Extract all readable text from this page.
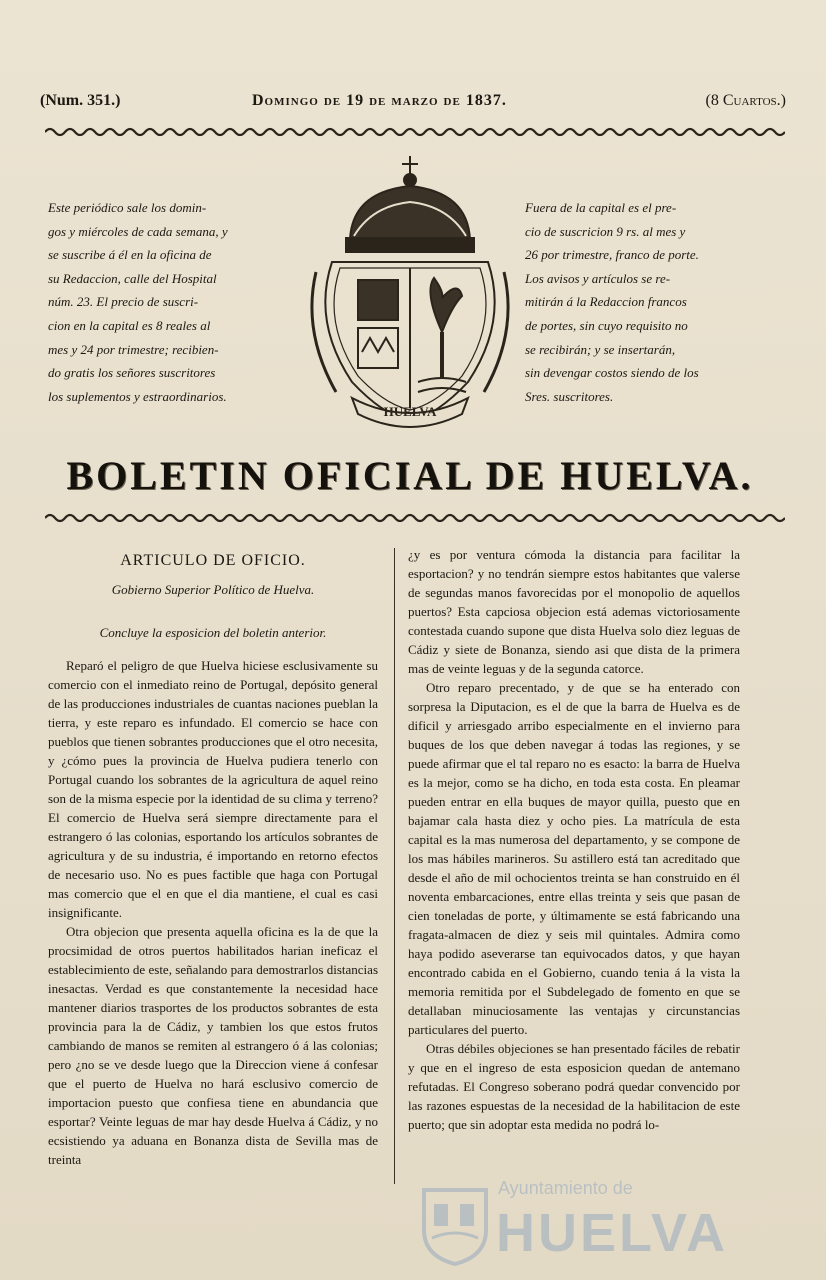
(Num. 351.)	Domingo de 19 de marzo de 1837.	(8 Cuartos.)

Este periódico sale los domin-

gos y miércoles de cada semana, y

se suscribe á él en la oficina de

su Redaccion, calle del Hospital

núm. 23. El precio de suscri-

cion en la capital es 8 reales al

mes y 24 por trimestre; recibien-

do gratis los señores suscritores

los suplementos y estraordinarios.

HUELVA

Fuera de la capital es el pre-

cio de suscricion 9 rs. al mes y

26 por trimestre, franco de porte.

Los avisos y artículos se re-

mitirán á la Redaccion francos

de portes, sin cuyo requisito no

se recibirán; y se insertarán,

sin devengar costos siendo de los

Sres. suscritores.

BOLETIN OFICIAL DE HUELVA.
ARTICULO DE OFICIO.
Gobierno Superior Político de Huelva.
Concluye la esposicion del boletin anterior.

Reparó el peligro de que Huelva hiciese esclusivamente su comercio con el inmediato reino de Portugal, depósito general de las producciones industriales de cuantas naciones pueblan la tierra, y este reparo es infundado. El comercio se hace con pueblos que tienen sobrantes producciones que el otro necesita, y ¿cómo pues la provincia de Huelva pudiera tenerlo con Portugal cuando los sobrantes de la agricultura de aquel reino son de la misma especie por la identidad de su clima y terreno? El comercio de Huelva será siempre directamente para el estrangero ó las colonias, esportando los artículos sobrantes de agricultura y de su industria, é importando en retorno efectos de necesario uso. No es pues factible que haga con Portugal mas comercio que el en que el dia mantiene, el cual es casi insignificante.

Otra objecion que presenta aquella oficina es la de que la procsimidad de otros puertos habilitados harian ineficaz el establecimiento de este, señalando para demostrarlos distancias inesactas. Verdad es que constantemente la necesidad hace mantener diarios trasportes de los productos sobrantes de esta provincia para la de Cádiz, y tambien los que estos frutos cambiando de manos se remiten al estrangero ó á las colonias; pero ¿no se ve desde luego que la Direccion viene á confesar que el puerto de Huelva no hará esclusivo comercio de importacion puesto que confiesa tiene en abundancia que esportar? Veinte leguas de mar hay desde Huelva á Cádiz, y no ecsistiendo ya aduana en Bonanza dista de Sevilla mas de treinta

¿y es por ventura cómoda la distancia para facilitar la esportacion? y no tendrán siempre estos habitantes que valerse de segundas manos favorecidas por el monopolio de aquellos puertos? Esta capciosa objecion está ademas victoriosamente contestada cuando supone que dista Huelva solo diez leguas de Cádiz y siete de Bonanza, siendo asi que dista de la primera mas de veinte leguas y de la segunda catorce.

Otro reparo precentado, y de que se ha enterado con sorpresa la Diputacion, es el de que la barra de Huelva es de dificil y arriesgado arribo especialmente en el invierno para buques de los que deben navegar á todas las regiones, y se puede afirmar que el tal reparo no es esacto: la barra de Huelva es la mejor, como se ha dicho, en toda esta costa. En pleamar pueden entrar en ella buques de mayor quilla, puesto que en bajamar cala hasta diez y ocho pies. La matrícula de esta capital es la mas numerosa del departamento, y se compone de los mas hábiles marineros. Su astillero está tan acreditado que desde el año de mil ochocientos treinta se han construido en él noventa embarcaciones, entre ellas treinta y seis que pasan de cien toneladas de porte, y últimamente se está fabricando una fragata-almacen de diez y seis mil quintales. Admira como haya podido aseverarse tan equivocados datos, y que hayan encontrado cabida en el Gobierno, cuando tenia á la vista la memoria remitida por el Subdelegado de fomento en que se detallaban minuciosamente las ventajas y circunstancias particulares del puerto.

Otras débiles objeciones se han presentado fáciles de rebatir y que en el ingreso de esta esposicion quedan de antemano refutadas. El Congreso soberano podrá quedar convencido por las razones espuestas de la necesidad de la habilitacion de este puerto; que sin adoptar esta medida no podrá lo-

Ayuntamiento de
HUELVA
